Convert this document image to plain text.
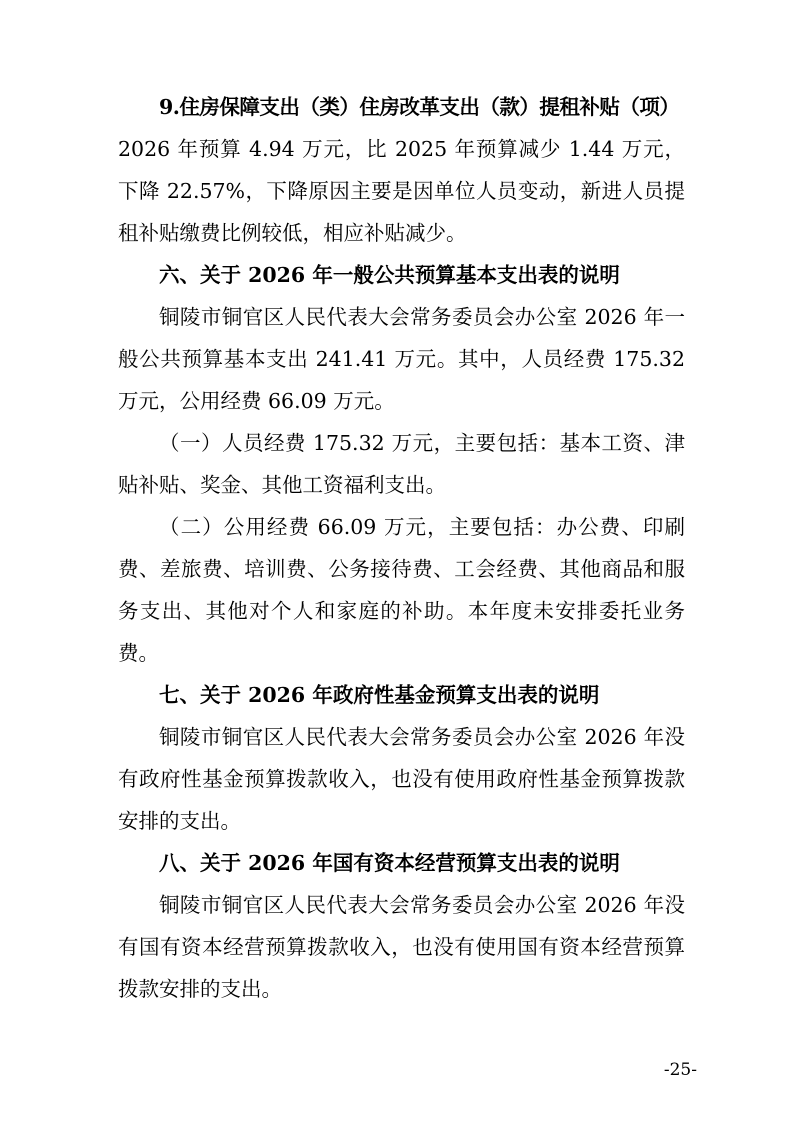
9.住房保障支出（类）住房改革支出（款）提租补贴（项）

2026 年预算 4.94 万元，比 2025 年预算减少 1.44 万元，下降 22.57%，下降原因主要是因单位人员变动，新进人员提租补贴缴费比例较低，相应补贴减少。

六、关于 2026 年一般公共预算基本支出表的说明

铜陵市铜官区人民代表大会常务委员会办公室 2026 年一般公共预算基本支出 241.41 万元。其中，人员经费 175.32 万元，公用经费 66.09 万元。

（一）人员经费 175.32 万元，主要包括：基本工资、津贴补贴、奖金、其他工资福利支出。

（二）公用经费 66.09 万元，主要包括：办公费、印刷费、差旅费、培训费、公务接待费、工会经费、其他商品和服务支出、其他对个人和家庭的补助。本年度未安排委托业务费。

七、关于 2026 年政府性基金预算支出表的说明

铜陵市铜官区人民代表大会常务委员会办公室 2026 年没有政府性基金预算拨款收入，也没有使用政府性基金预算拨款安排的支出。

八、关于 2026 年国有资本经营预算支出表的说明

铜陵市铜官区人民代表大会常务委员会办公室 2026 年没有国有资本经营预算拨款收入，也没有使用国有资本经营预算拨款安排的支出。

-25-
